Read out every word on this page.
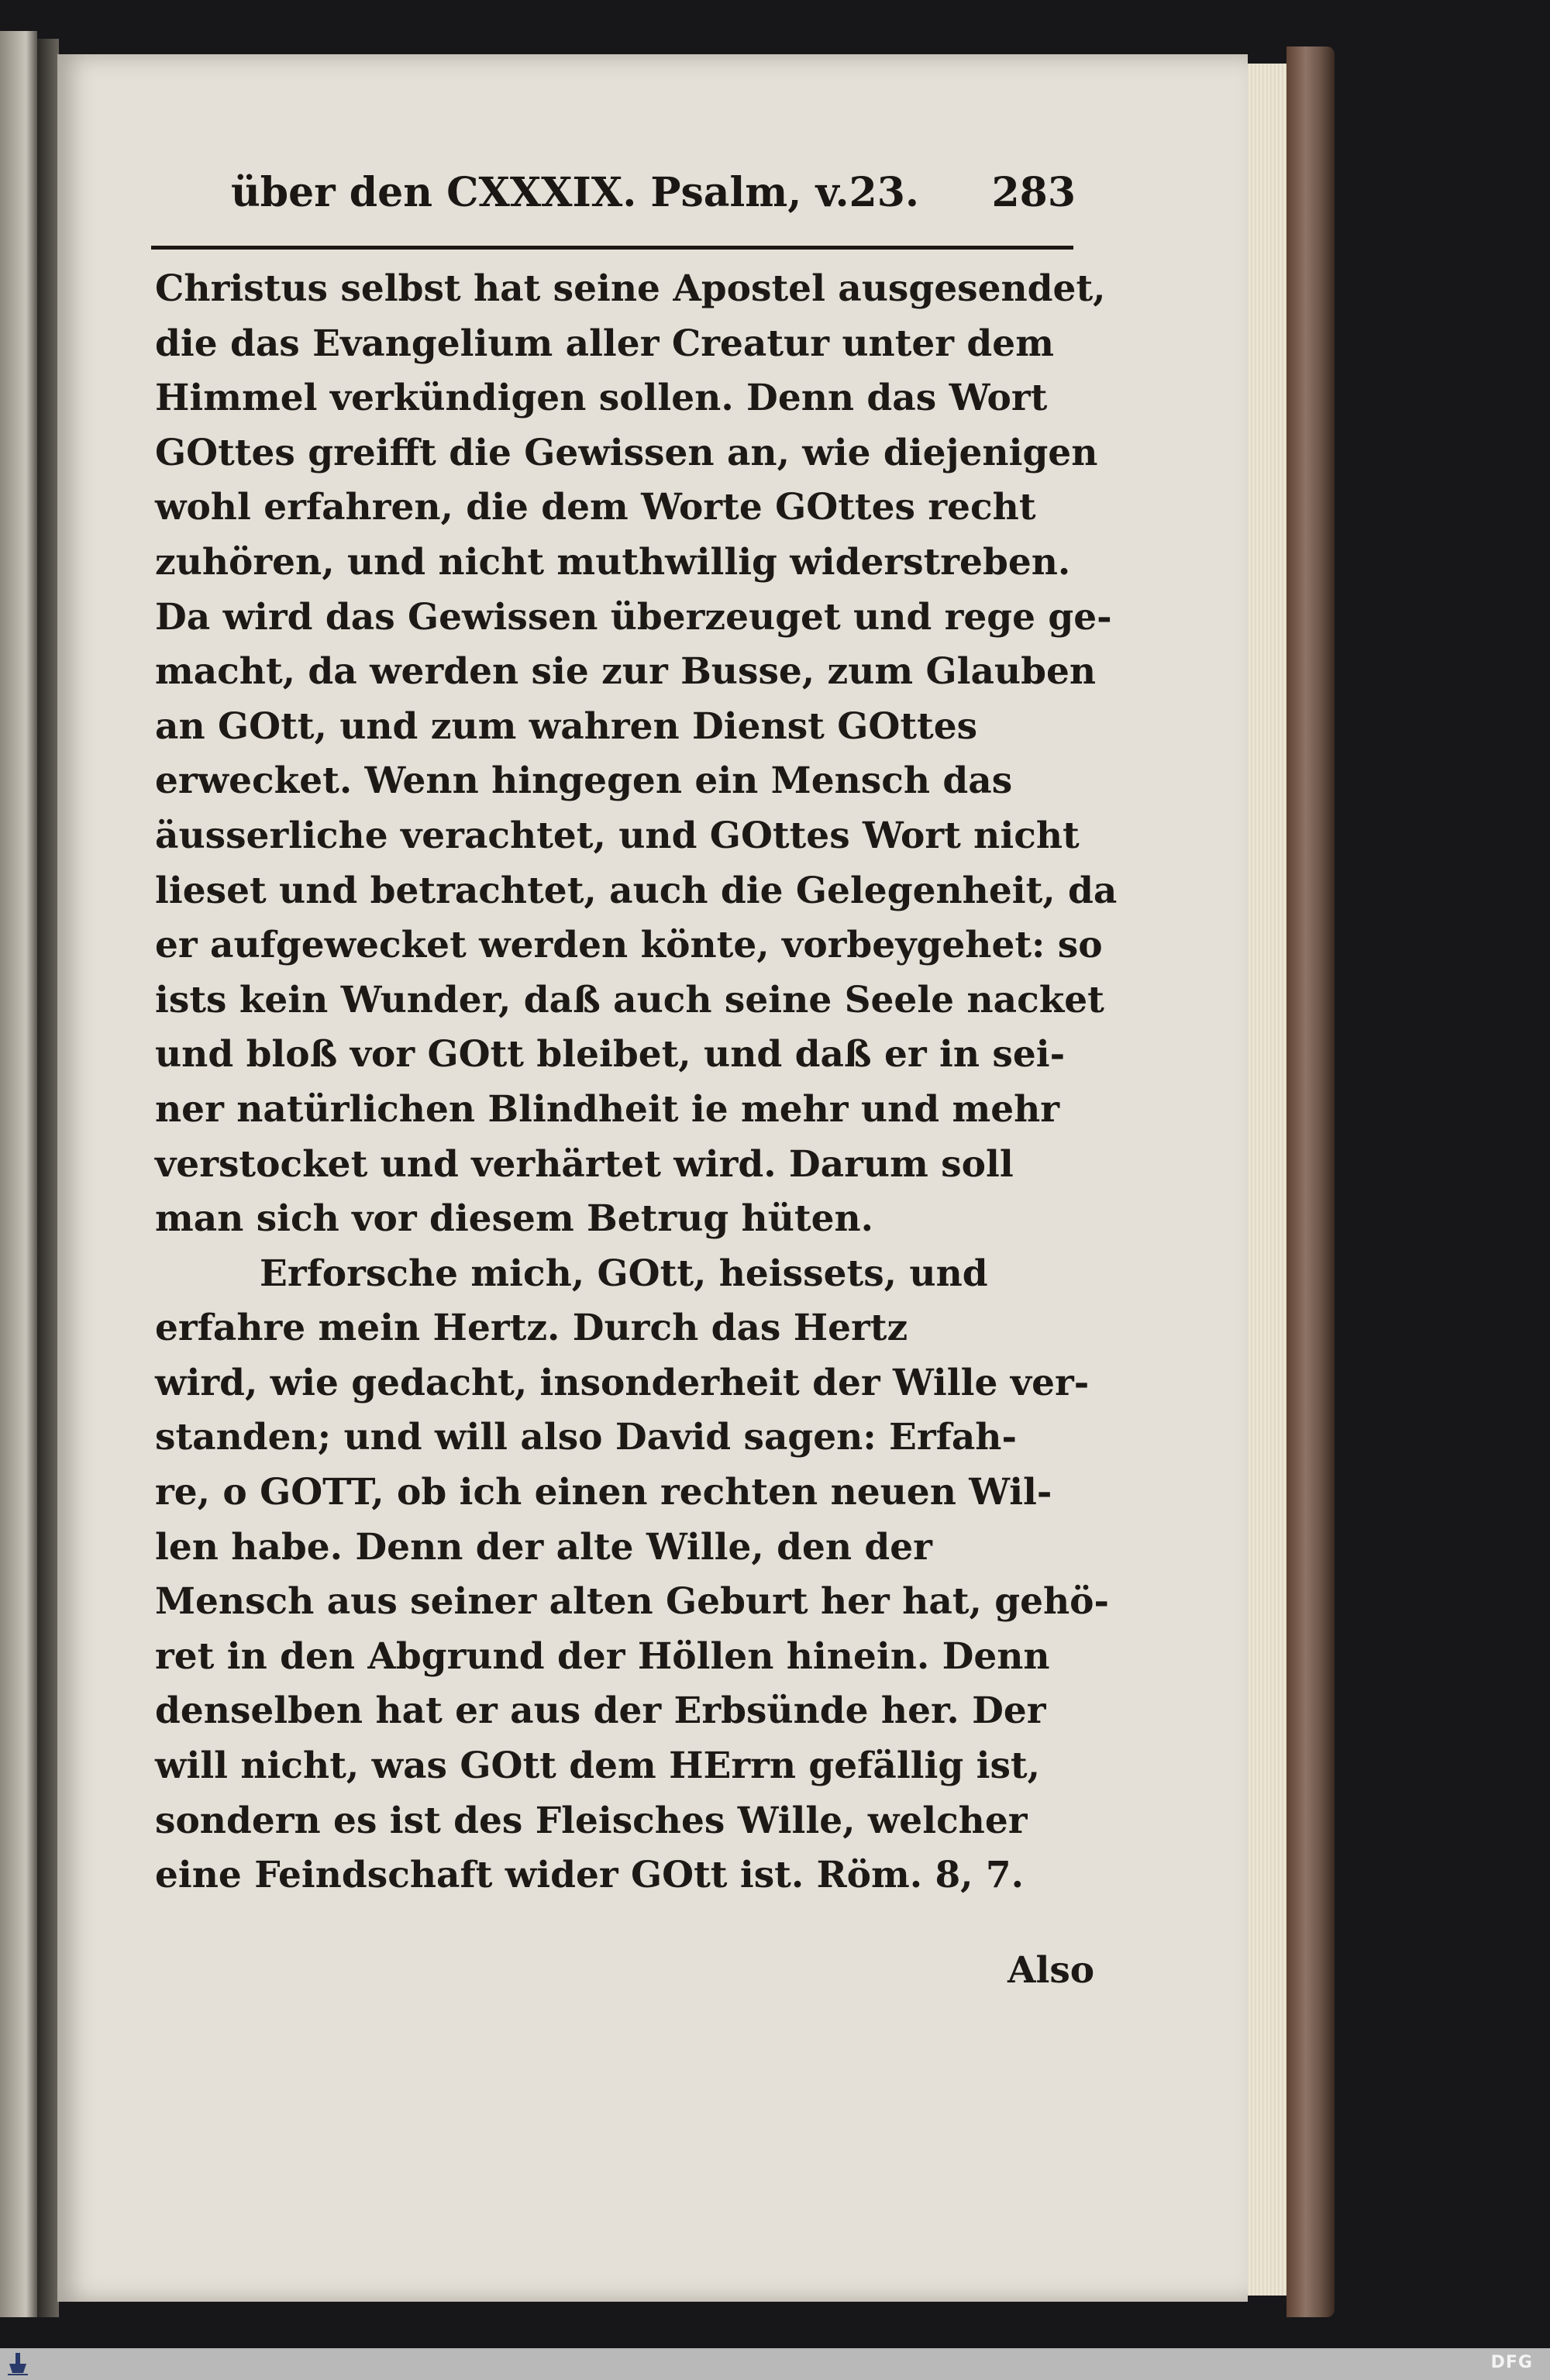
über den CXXXIX. Psalm, v.23. 283
Christus selbst hat seine Apostel ausgesendet,
die das Evangelium aller Creatur unter dem
Himmel verkündigen sollen. Denn das Wort
GOttes greifft die Gewissen an, wie diejenigen
wohl erfahren, die dem Worte GOttes recht
zuhören, und nicht muthwillig widerstreben.
Da wird das Gewissen überzeuget und rege ge-
macht, da werden sie zur Busse, zum Glauben
an GOtt, und zum wahren Dienst GOttes
erwecket. Wenn hingegen ein Mensch das
äusserliche verachtet, und GOttes Wort nicht
lieset und betrachtet, auch die Gelegenheit, da
er aufgewecket werden könte, vorbeygehet: so
ists kein Wunder, daß auch seine Seele nacket
und bloß vor GOtt bleibet, und daß er in sei-
ner natürlichen Blindheit ie mehr und mehr
verstocket und verhärtet wird. Darum soll
man sich vor diesem Betrug hüten.
Erforsche mich, GOtt, heissets, und
erfahre mein Hertz. Durch das Hertz
wird, wie gedacht, insonderheit der Wille ver-
standen; und will also David sagen: Erfah-
re, o GOTT, ob ich einen rechten neuen Wil-
len habe. Denn der alte Wille, den der
Mensch aus seiner alten Geburt her hat, gehö-
ret in den Abgrund der Höllen hinein. Denn
denselben hat er aus der Erbsünde her. Der
will nicht, was GOtt dem HErrn gefällig ist,
sondern es ist des Fleisches Wille, welcher
eine Feindschaft wider GOtt ist. Röm. 8, 7.
Also
DFG
